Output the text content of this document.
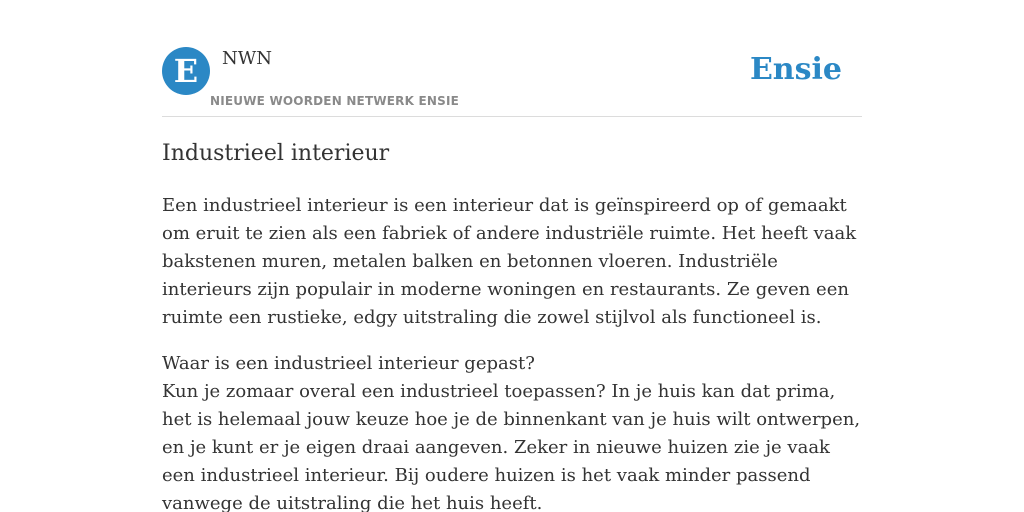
E	NWN
NIEUWE WOORDEN NETWERK ENSIE
Ensie
Industrieel interieur

Een industrieel interieur is een interieur dat is geïnspireerd op of gemaakt om eruit te zien als een fabriek of andere industriële ruimte. Het heeft vaak bakstenen muren, metalen balken en betonnen vloeren. Industriële interieurs zijn populair in moderne woningen en restaurants. Ze geven een ruimte een rustieke, edgy uitstraling die zowel stijlvol als functioneel is.

Waar is een industrieel interieur gepast?
Kun je zomaar overal een industrieel toepassen? In je huis kan dat prima, het is helemaal jouw keuze hoe je de binnenkant van je huis wilt ontwerpen, en je kunt er je eigen draai aangeven. Zeker in nieuwe huizen zie je vaak een industrieel interieur. Bij oudere huizen is het vaak minder passend vanwege de uitstraling die het huis heeft.
